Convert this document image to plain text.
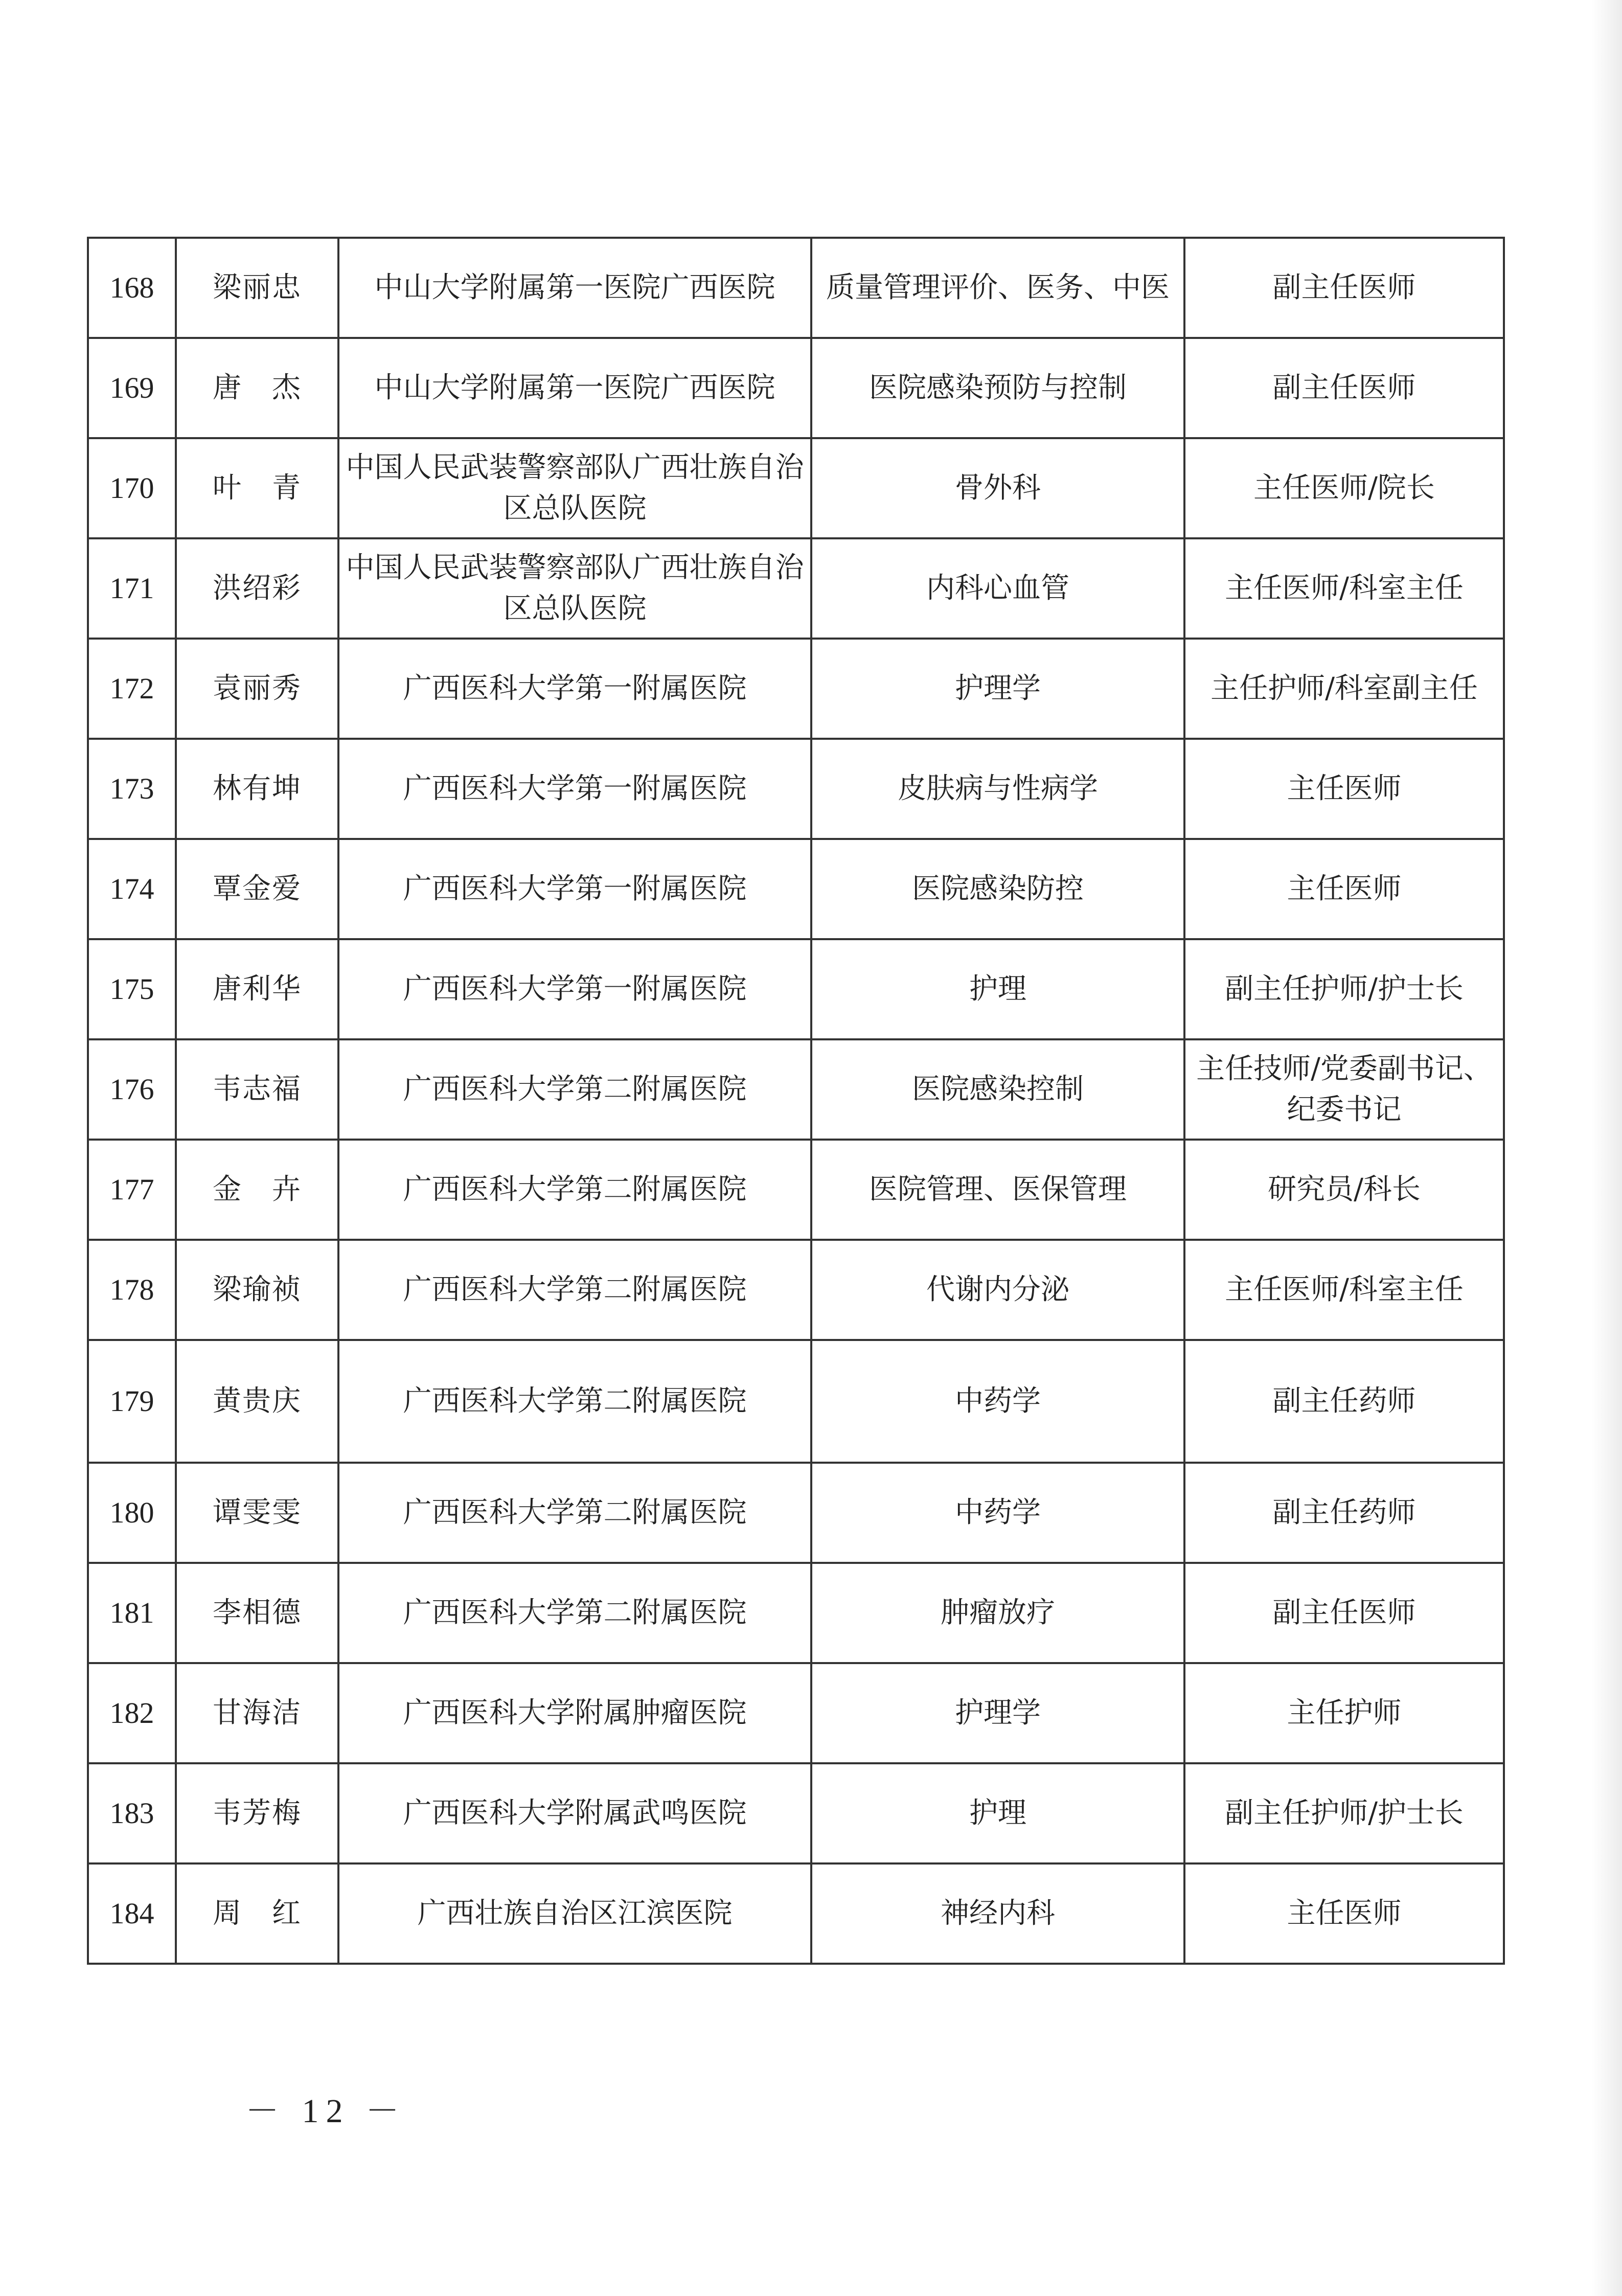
168	梁丽忠	中山大学附属第一医院广西医院	质量管理评价、医务、中医	副主任医师
169	唐　杰	中山大学附属第一医院广西医院	医院感染预防与控制	副主任医师
170	叶　青	中国人民武装警察部队广西壮族自治区总队医院	骨外科	主任医师/院长
171	洪绍彩	中国人民武装警察部队广西壮族自治区总队医院	内科心血管	主任医师/科室主任
172	袁丽秀	广西医科大学第一附属医院	护理学	主任护师/科室副主任
173	林有坤	广西医科大学第一附属医院	皮肤病与性病学	主任医师
174	覃金爱	广西医科大学第一附属医院	医院感染防控	主任医师
175	唐利华	广西医科大学第一附属医院	护理	副主任护师/护士长
176	韦志福	广西医科大学第二附属医院	医院感染控制	主任技师/党委副书记、纪委书记
177	金　卉	广西医科大学第二附属医院	医院管理、医保管理	研究员/科长
178	梁瑜祯	广西医科大学第二附属医院	代谢内分泌	主任医师/科室主任
179	黄贵庆	广西医科大学第二附属医院	中药学	副主任药师
180	谭雯雯	广西医科大学第二附属医院	中药学	副主任药师
181	李相德	广西医科大学第二附属医院	肿瘤放疗	副主任医师
182	甘海洁	广西医科大学附属肿瘤医院	护理学	主任护师
183	韦芳梅	广西医科大学附属武鸣医院	护理	副主任护师/护士长
184	周　红	广西壮族自治区江滨医院	神经内科	主任医师
－ 12 －
